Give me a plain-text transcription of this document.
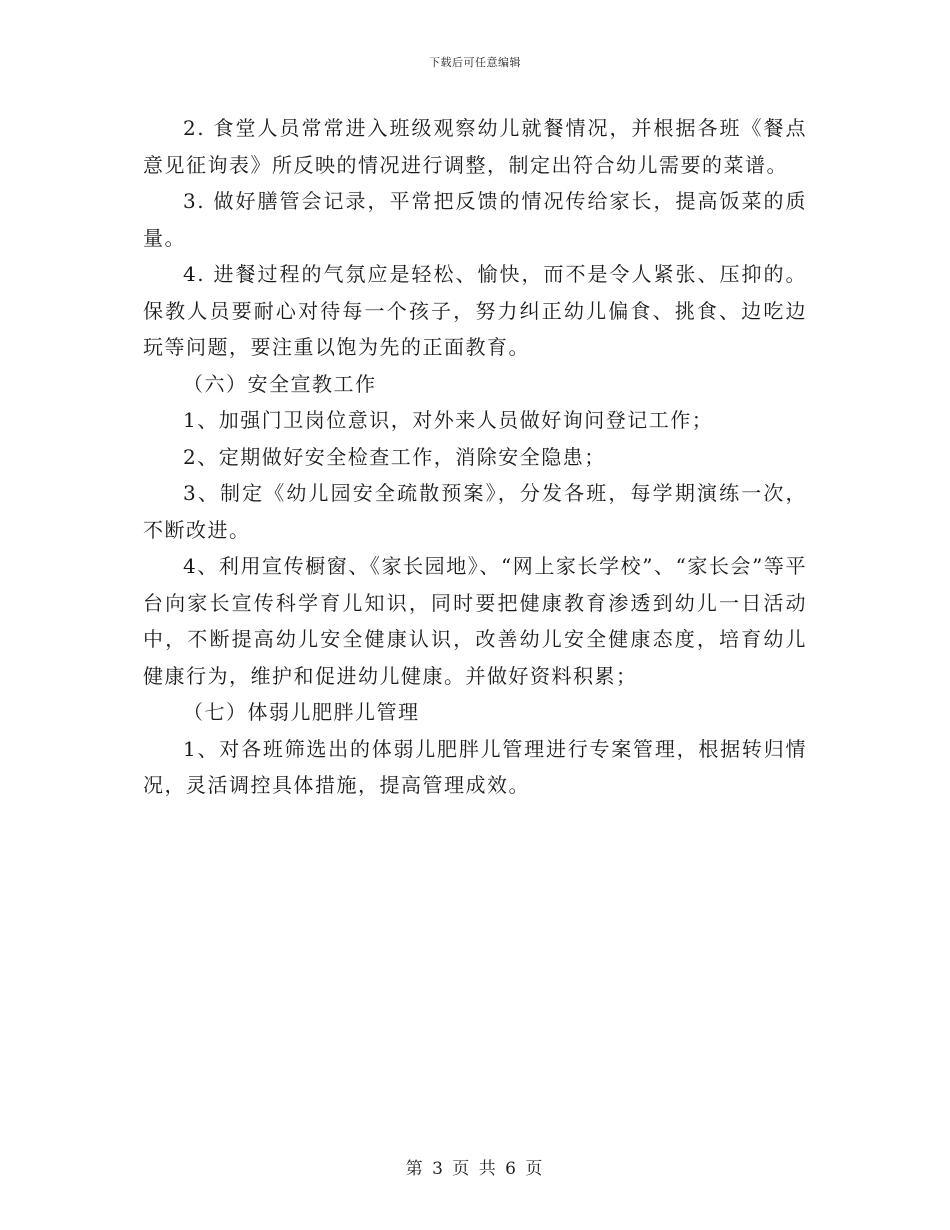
下载后可任意编辑

2. 食堂人员常常进入班级观察幼儿就餐情况，并根据各班《餐点意见征询表》所反映的情况进行调整，制定出符合幼儿需要的菜谱。

3. 做好膳管会记录，平常把反馈的情况传给家长，提高饭菜的质量。

4. 进餐过程的气氛应是轻松、愉快，而不是令人紧张、压抑的。保教人员要耐心对待每一个孩子，努力纠正幼儿偏食、挑食、边吃边玩等问题，要注重以饱为先的正面教育。

（六）安全宣教工作

1、加强门卫岗位意识，对外来人员做好询问登记工作；

2、定期做好安全检查工作，消除安全隐患；

3、制定《幼儿园安全疏散预案》，分发各班，每学期演练一次，不断改进。

4、利用宣传橱窗、《家长园地》、“网上家长学校”、“家长会”等平台向家长宣传科学育儿知识，同时要把健康教育渗透到幼儿一日活动中，不断提高幼儿安全健康认识，改善幼儿安全健康态度，培育幼儿健康行为，维护和促进幼儿健康。并做好资料积累；

（七）体弱儿肥胖儿管理

1、对各班筛选出的体弱儿肥胖儿管理进行专案管理，根据转归情况，灵活调控具体措施，提高管理成效。

第 3 页 共 6 页
